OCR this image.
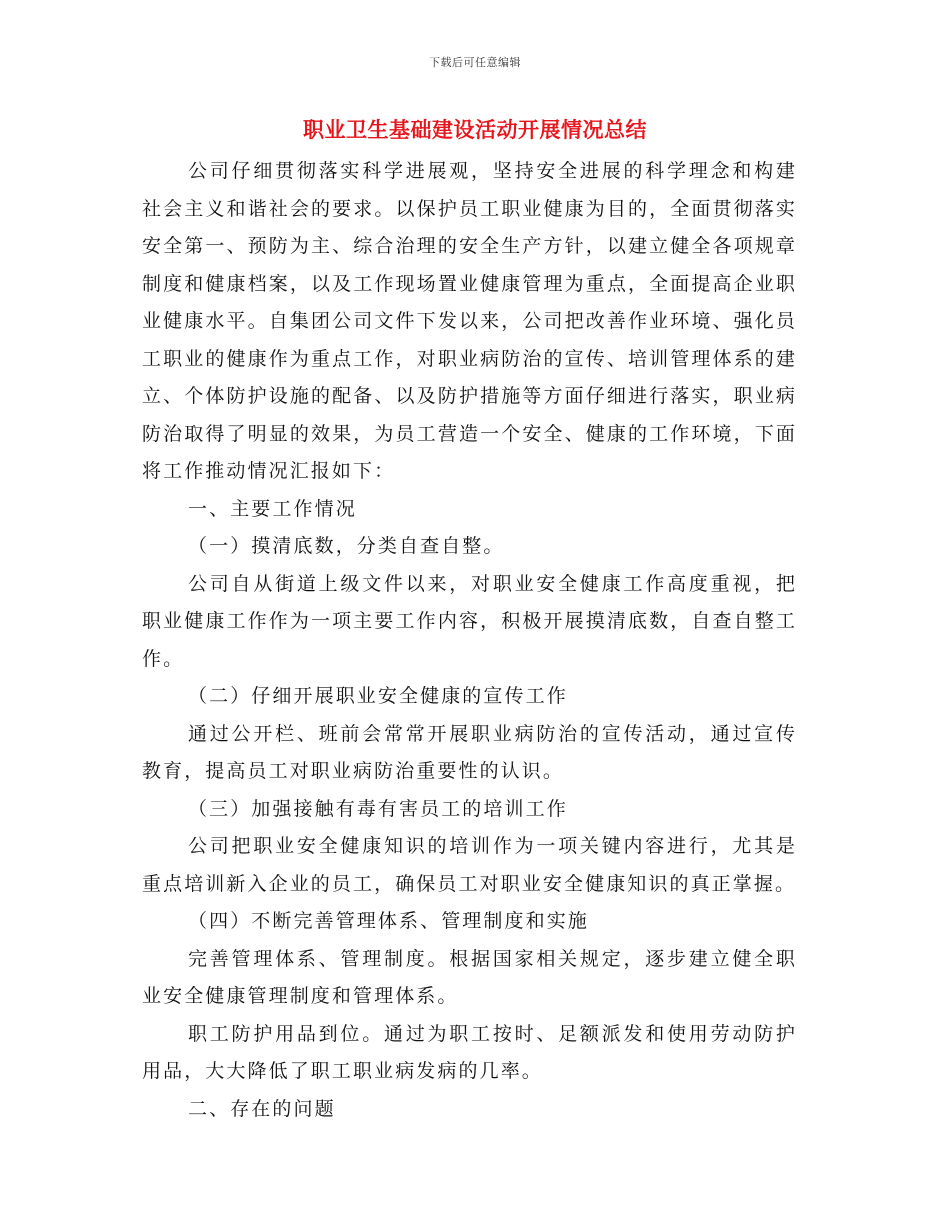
下载后可任意编辑
职业卫生基础建设活动开展情况总结

公司仔细贯彻落实科学进展观，坚持安全进展的科学理念和构建社会主义和谐社会的要求。以保护员工职业健康为目的，全面贯彻落实安全第一、预防为主、综合治理的安全生产方针，以建立健全各项规章制度和健康档案，以及工作现场置业健康管理为重点，全面提高企业职业健康水平。自集团公司文件下发以来，公司把改善作业环境、强化员工职业的健康作为重点工作，对职业病防治的宣传、培训管理体系的建立、个体防护设施的配备、以及防护措施等方面仔细进行落实，职业病防治取得了明显的效果，为员工营造一个安全、健康的工作环境，下面将工作推动情况汇报如下：

一、主要工作情况

（一）摸清底数，分类自查自整。

公司自从街道上级文件以来，对职业安全健康工作高度重视，把职业健康工作作为一项主要工作内容，积极开展摸清底数，自查自整工作。

（二）仔细开展职业安全健康的宣传工作

通过公开栏、班前会常常开展职业病防治的宣传活动，通过宣传教育，提高员工对职业病防治重要性的认识。

（三）加强接触有毒有害员工的培训工作

公司把职业安全健康知识的培训作为一项关键内容进行，尤其是重点培训新入企业的员工，确保员工对职业安全健康知识的真正掌握。

（四）不断完善管理体系、管理制度和实施

完善管理体系、管理制度。根据国家相关规定，逐步建立健全职业安全健康管理制度和管理体系。

职工防护用品到位。通过为职工按时、足额派发和使用劳动防护用品，大大降低了职工职业病发病的几率。

二、存在的问题
